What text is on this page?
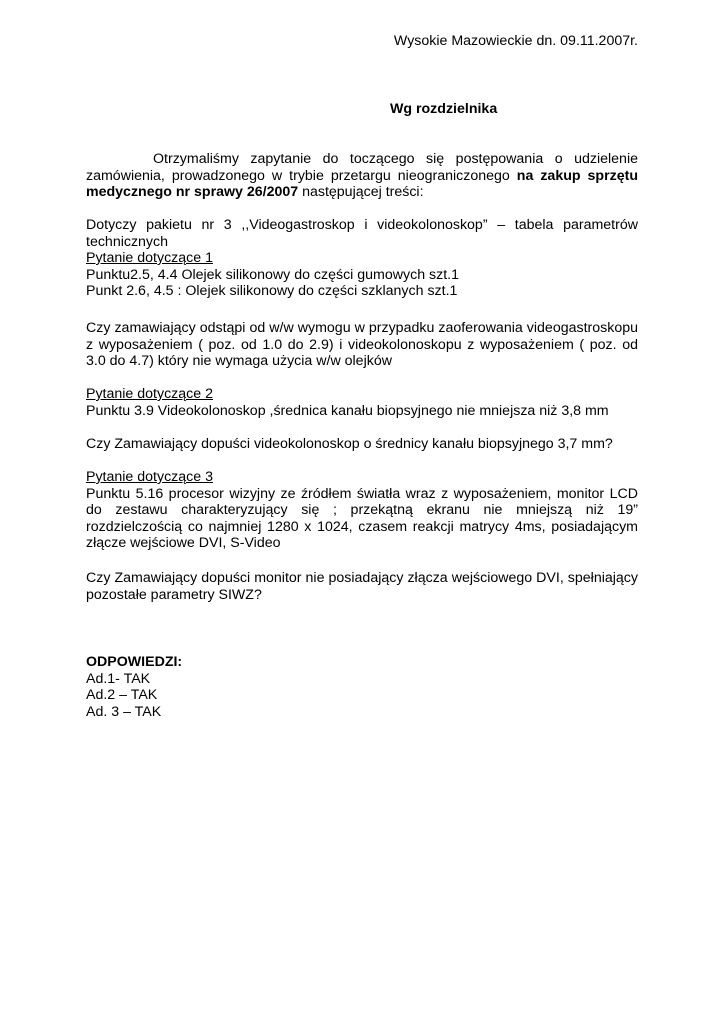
Wysokie Mazowieckie dn. 09.11.2007r.

Wg rozdzielnika

Otrzymaliśmy zapytanie do toczącego się postępowania o udzielenie zamówienia, prowadzonego w trybie przetargu nieograniczonego na zakup sprzętu medycznego nr sprawy 26/2007 następującej treści:

Dotyczy pakietu nr 3 ,,Videogastroskop i videokolonoskop” – tabela parametrów technicznych

Pytanie dotyczące 1

Punktu2.5, 4.4 Olejek silikonowy do części gumowych szt.1

Punkt 2.6, 4.5 : Olejek silikonowy do części szklanych szt.1

Czy zamawiający odstąpi od w/w wymogu w przypadku zaoferowania videogastroskopu z wyposażeniem ( poz. od 1.0 do 2.9) i videokolonoskopu z wyposażeniem ( poz. od 3.0 do 4.7) który nie wymaga użycia w/w olejków

Pytanie dotyczące 2

Punktu 3.9 Videokolonoskop ,średnica kanału biopsyjnego nie mniejsza niż 3,8 mm

Czy Zamawiający dopuści videokolonoskop o średnicy kanału biopsyjnego 3,7 mm?

Pytanie dotyczące 3

Punktu 5.16 procesor wizyjny ze źródłem światła wraz z wyposażeniem, monitor LCD do zestawu charakteryzujący się ; przekątną ekranu nie mniejszą niż 19” rozdzielczością co najmniej 1280 x 1024, czasem reakcji matrycy 4ms, posiadającym złącze wejściowe DVI, S-Video

Czy Zamawiający dopuści monitor nie posiadający złącza wejściowego DVI, spełniający pozostałe parametry SIWZ?

ODPOWIEDZI:

Ad.1- TAK

Ad.2 – TAK

Ad. 3 – TAK
